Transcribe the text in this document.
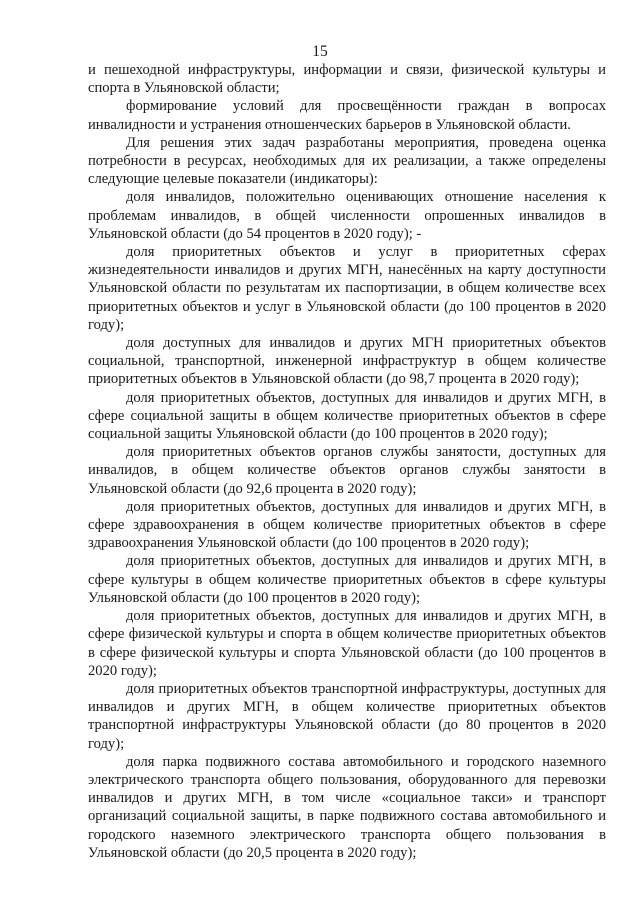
15

и пешеходной инфраструктуры, информации и связи, физической культуры и спорта в Ульяновской области;

формирование условий для просвещённости граждан в вопросах инвалидности и устранения отношенческих барьеров в Ульяновской области.

Для решения этих задач разработаны мероприятия, проведена оценка потребности в ресурсах, необходимых для их реализации, а также определены следующие целевые показатели (индикаторы):

доля инвалидов, положительно оценивающих отношение населения к проблемам инвалидов, в общей численности опрошенных инвалидов в Ульяновской области (до 54 процентов в 2020 году); -

доля приоритетных объектов и услуг в приоритетных сферах жизнедеятельности инвалидов и других МГН, нанесённых на карту доступности Ульяновской области по результатам их паспортизации, в общем количестве всех приоритетных объектов и услуг в Ульяновской области (до 100 процентов в 2020 году);

доля доступных для инвалидов и других МГН приоритетных объектов социальной, транспортной, инженерной инфраструктур в общем количестве приоритетных объектов в Ульяновской области (до 98,7 процента в 2020 году);

доля приоритетных объектов, доступных для инвалидов и других МГН, в сфере социальной защиты в общем количестве приоритетных объектов в сфере социальной защиты Ульяновской области (до 100 процентов в 2020 году);

доля приоритетных объектов органов службы занятости, доступных для инвалидов, в общем количестве объектов органов службы занятости в Ульяновской области (до 92,6 процента в 2020 году);

доля приоритетных объектов, доступных для инвалидов и других МГН, в сфере здравоохранения в общем количестве приоритетных объектов в сфере здравоохранения Ульяновской области (до 100 процентов в 2020 году);

доля приоритетных объектов, доступных для инвалидов и других МГН, в сфере культуры в общем количестве приоритетных объектов в сфере культуры Ульяновской области (до 100 процентов в 2020 году);

доля приоритетных объектов, доступных для инвалидов и других МГН, в сфере физической культуры и спорта в общем количестве приоритетных объектов в сфере физической культуры и спорта Ульяновской области (до 100 процентов в 2020 году);

доля приоритетных объектов транспортной инфраструктуры, доступных для инвалидов и других МГН, в общем количестве приоритетных объектов транспортной инфраструктуры Ульяновской области (до 80 процентов в 2020 году);

доля парка подвижного состава автомобильного и городского наземного электрического транспорта общего пользования, оборудованного для перевозки инвалидов и других МГН, в том числе «социальное такси» и транспорт организаций социальной защиты, в парке подвижного состава автомобильного и городского наземного электрического транспорта общего пользования в Ульяновской области (до 20,5 процента в 2020 году);
